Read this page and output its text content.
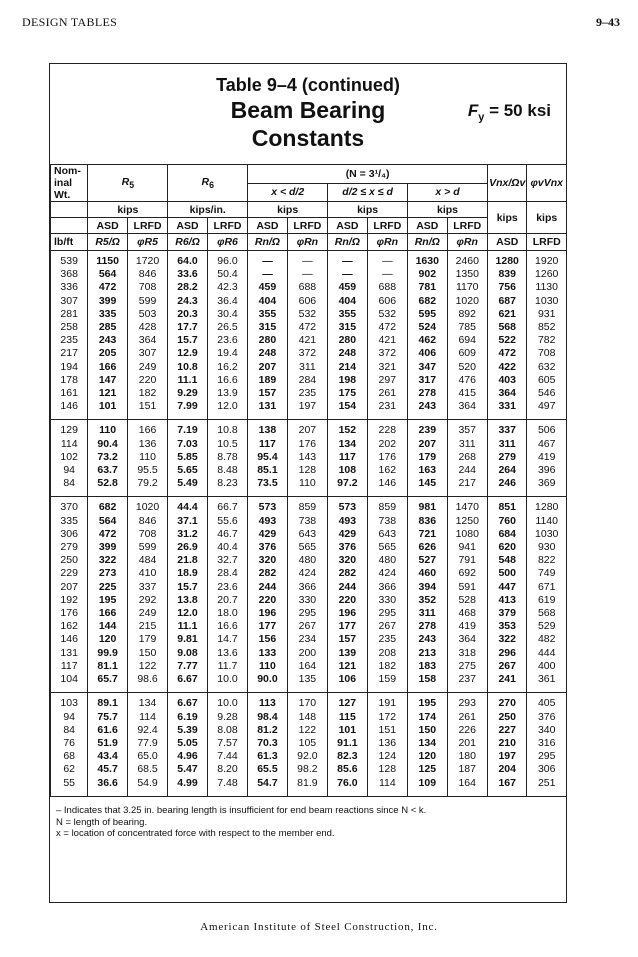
DESIGN TABLES	9–43
Table 9–4 (continued)
Beam Bearing
Constants
$F_y = 50$ ksi
Nom-inal Wt.	$R_5$		$R_6$		(N = 3¹/₄)						Vnx/Ωv	φvVnx
					x < d/2		d/2 ≤ x ≤ d		x > d			
	kips		kips/in.		kips		kips		kips		kips	kips
	ASD	LRFD	ASD	LRFD	ASD	LRFD	ASD	LRFD	ASD	LRFD		
lb/ft	R5/Ω	φR5	R6/Ω	φR6	Rn/Ω	φRn	Rn/Ω	φRn	Rn/Ω	φRn	ASD	LRFD

539	1150	1720	64.0	96.0	—	—	—	—	1630	2460	1280	1920
368	564	846	33.6	50.4	—	—	—	—	902	1350	839	1260
336	472	708	28.2	42.3	459	688	459	688	781	1170	756	1130
307	399	599	24.3	36.4	404	606	404	606	682	1020	687	1030
281	335	503	20.3	30.4	355	532	355	532	595	892	621	931
258	285	428	17.7	26.5	315	472	315	472	524	785	568	852
235	243	364	15.7	23.6	280	421	280	421	462	694	522	782
217	205	307	12.9	19.4	248	372	248	372	406	609	472	708
194	166	249	10.8	16.2	207	311	214	321	347	520	422	632
178	147	220	11.1	16.6	189	284	198	297	317	476	403	605
161	121	182	9.29	13.9	157	235	175	261	278	415	364	546
146	101	151	7.99	12.0	131	197	154	231	243	364	331	497

129	110	166	7.19	10.8	138	207	152	228	239	357	337	506
114	90.4	136	7.03	10.5	117	176	134	202	207	311	311	467
102	73.2	110	5.85	8.78	95.4	143	117	176	179	268	279	419
94	63.7	95.5	5.65	8.48	85.1	128	108	162	163	244	264	396
84	52.8	79.2	5.49	8.23	73.5	110	97.2	146	145	217	246	369

370	682	1020	44.4	66.7	573	859	573	859	981	1470	851	1280
335	564	846	37.1	55.6	493	738	493	738	836	1250	760	1140
306	472	708	31.2	46.7	429	643	429	643	721	1080	684	1030
279	399	599	26.9	40.4	376	565	376	565	626	941	620	930
250	322	484	21.8	32.7	320	480	320	480	527	791	548	822
229	273	410	18.9	28.4	282	424	282	424	460	692	500	749
207	225	337	15.7	23.6	244	366	244	366	394	591	447	671
192	195	292	13.8	20.7	220	330	220	330	352	528	413	619
176	166	249	12.0	18.0	196	295	196	295	311	468	379	568
162	144	215	11.1	16.6	177	267	177	267	278	419	353	529
146	120	179	9.81	14.7	156	234	157	235	243	364	322	482
131	99.9	150	9.08	13.6	133	200	139	208	213	318	296	444
117	81.1	122	7.77	11.7	110	164	121	182	183	275	267	400
104	65.7	98.6	6.67	10.0	90.0	135	106	159	158	237	241	361

103	89.1	134	6.67	10.0	113	170	127	191	195	293	270	405
94	75.7	114	6.19	9.28	98.4	148	115	172	174	261	250	376
84	61.6	92.4	5.39	8.08	81.2	122	101	151	150	226	227	340
76	51.9	77.9	5.05	7.57	70.3	105	91.1	136	134	201	210	316
68	43.4	65.0	4.96	7.44	61.3	92.0	82.3	124	120	180	197	295
62	45.7	68.5	5.47	8.20	65.5	98.2	85.6	128	125	187	204	306
55	36.6	54.9	4.99	7.48	54.7	81.9	76.0	114	109	164	167	251

– Indicates that 3.25 in. bearing length is insufficient for end beam reactions since N < k.
N = length of bearing.
x = location of concentrated force with respect to the member end.
American Institute of Steel Construction, Inc.
